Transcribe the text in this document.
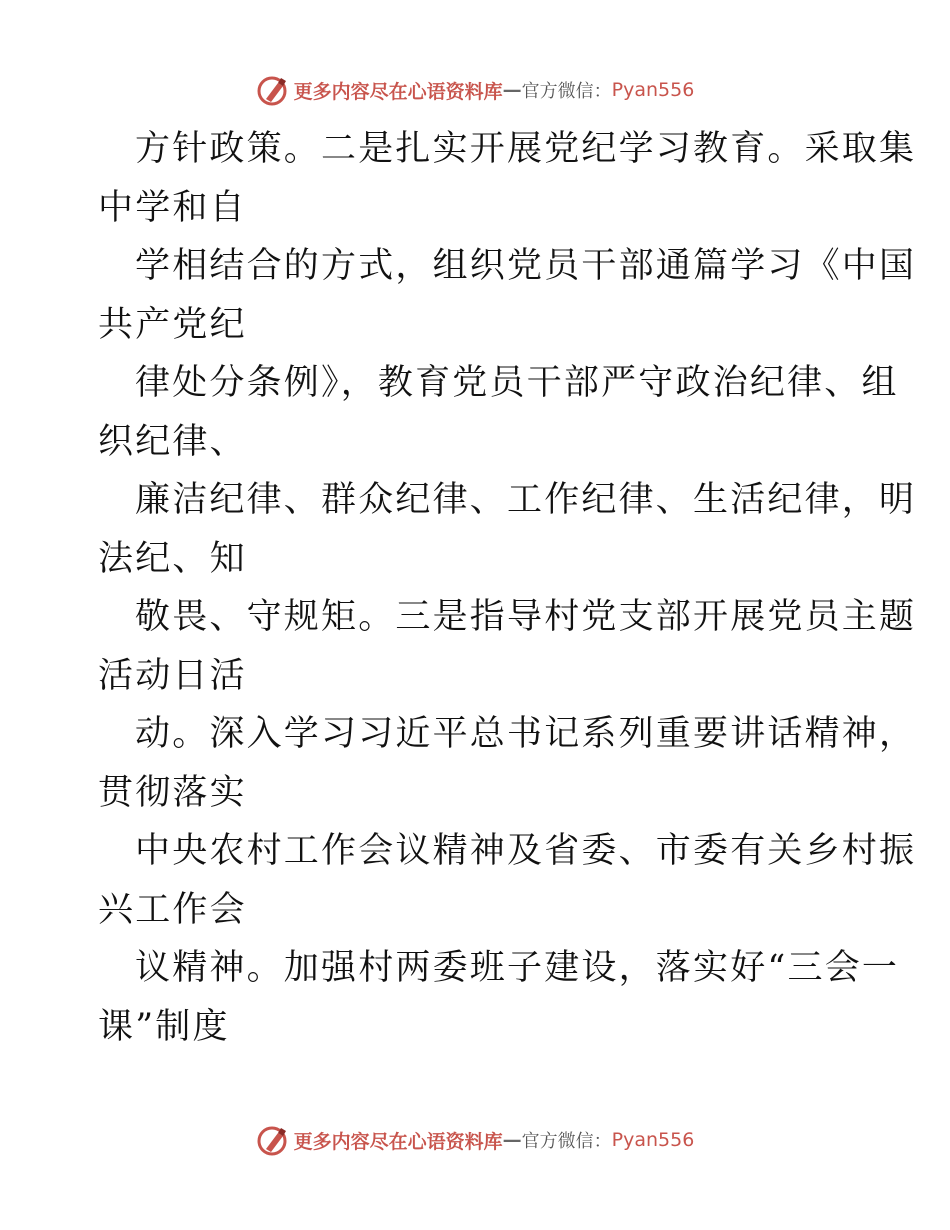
更多内容尽在心语资料库 — 官方微信： Pyan556
方针政策。二是扎实开展党纪学习教育。采取集
中学和自
学相结合的方式，组织党员干部通篇学习《中国
共产党纪
律处分条例》，教育党员干部严守政治纪律、组
织纪律、
廉洁纪律、群众纪律、工作纪律、生活纪律，明
法纪、知
敬畏、守规矩。三是指导村党支部开展党员主题
活动日活
动。深入学习习近平总书记系列重要讲话精神，
贯彻落实
中央农村工作会议精神及省委、市委有关乡村振
兴工作会
议精神。加强村两委班子建设，落实好“三会一
课”制度
更多内容尽在心语资料库 — 官方微信： Pyan556
